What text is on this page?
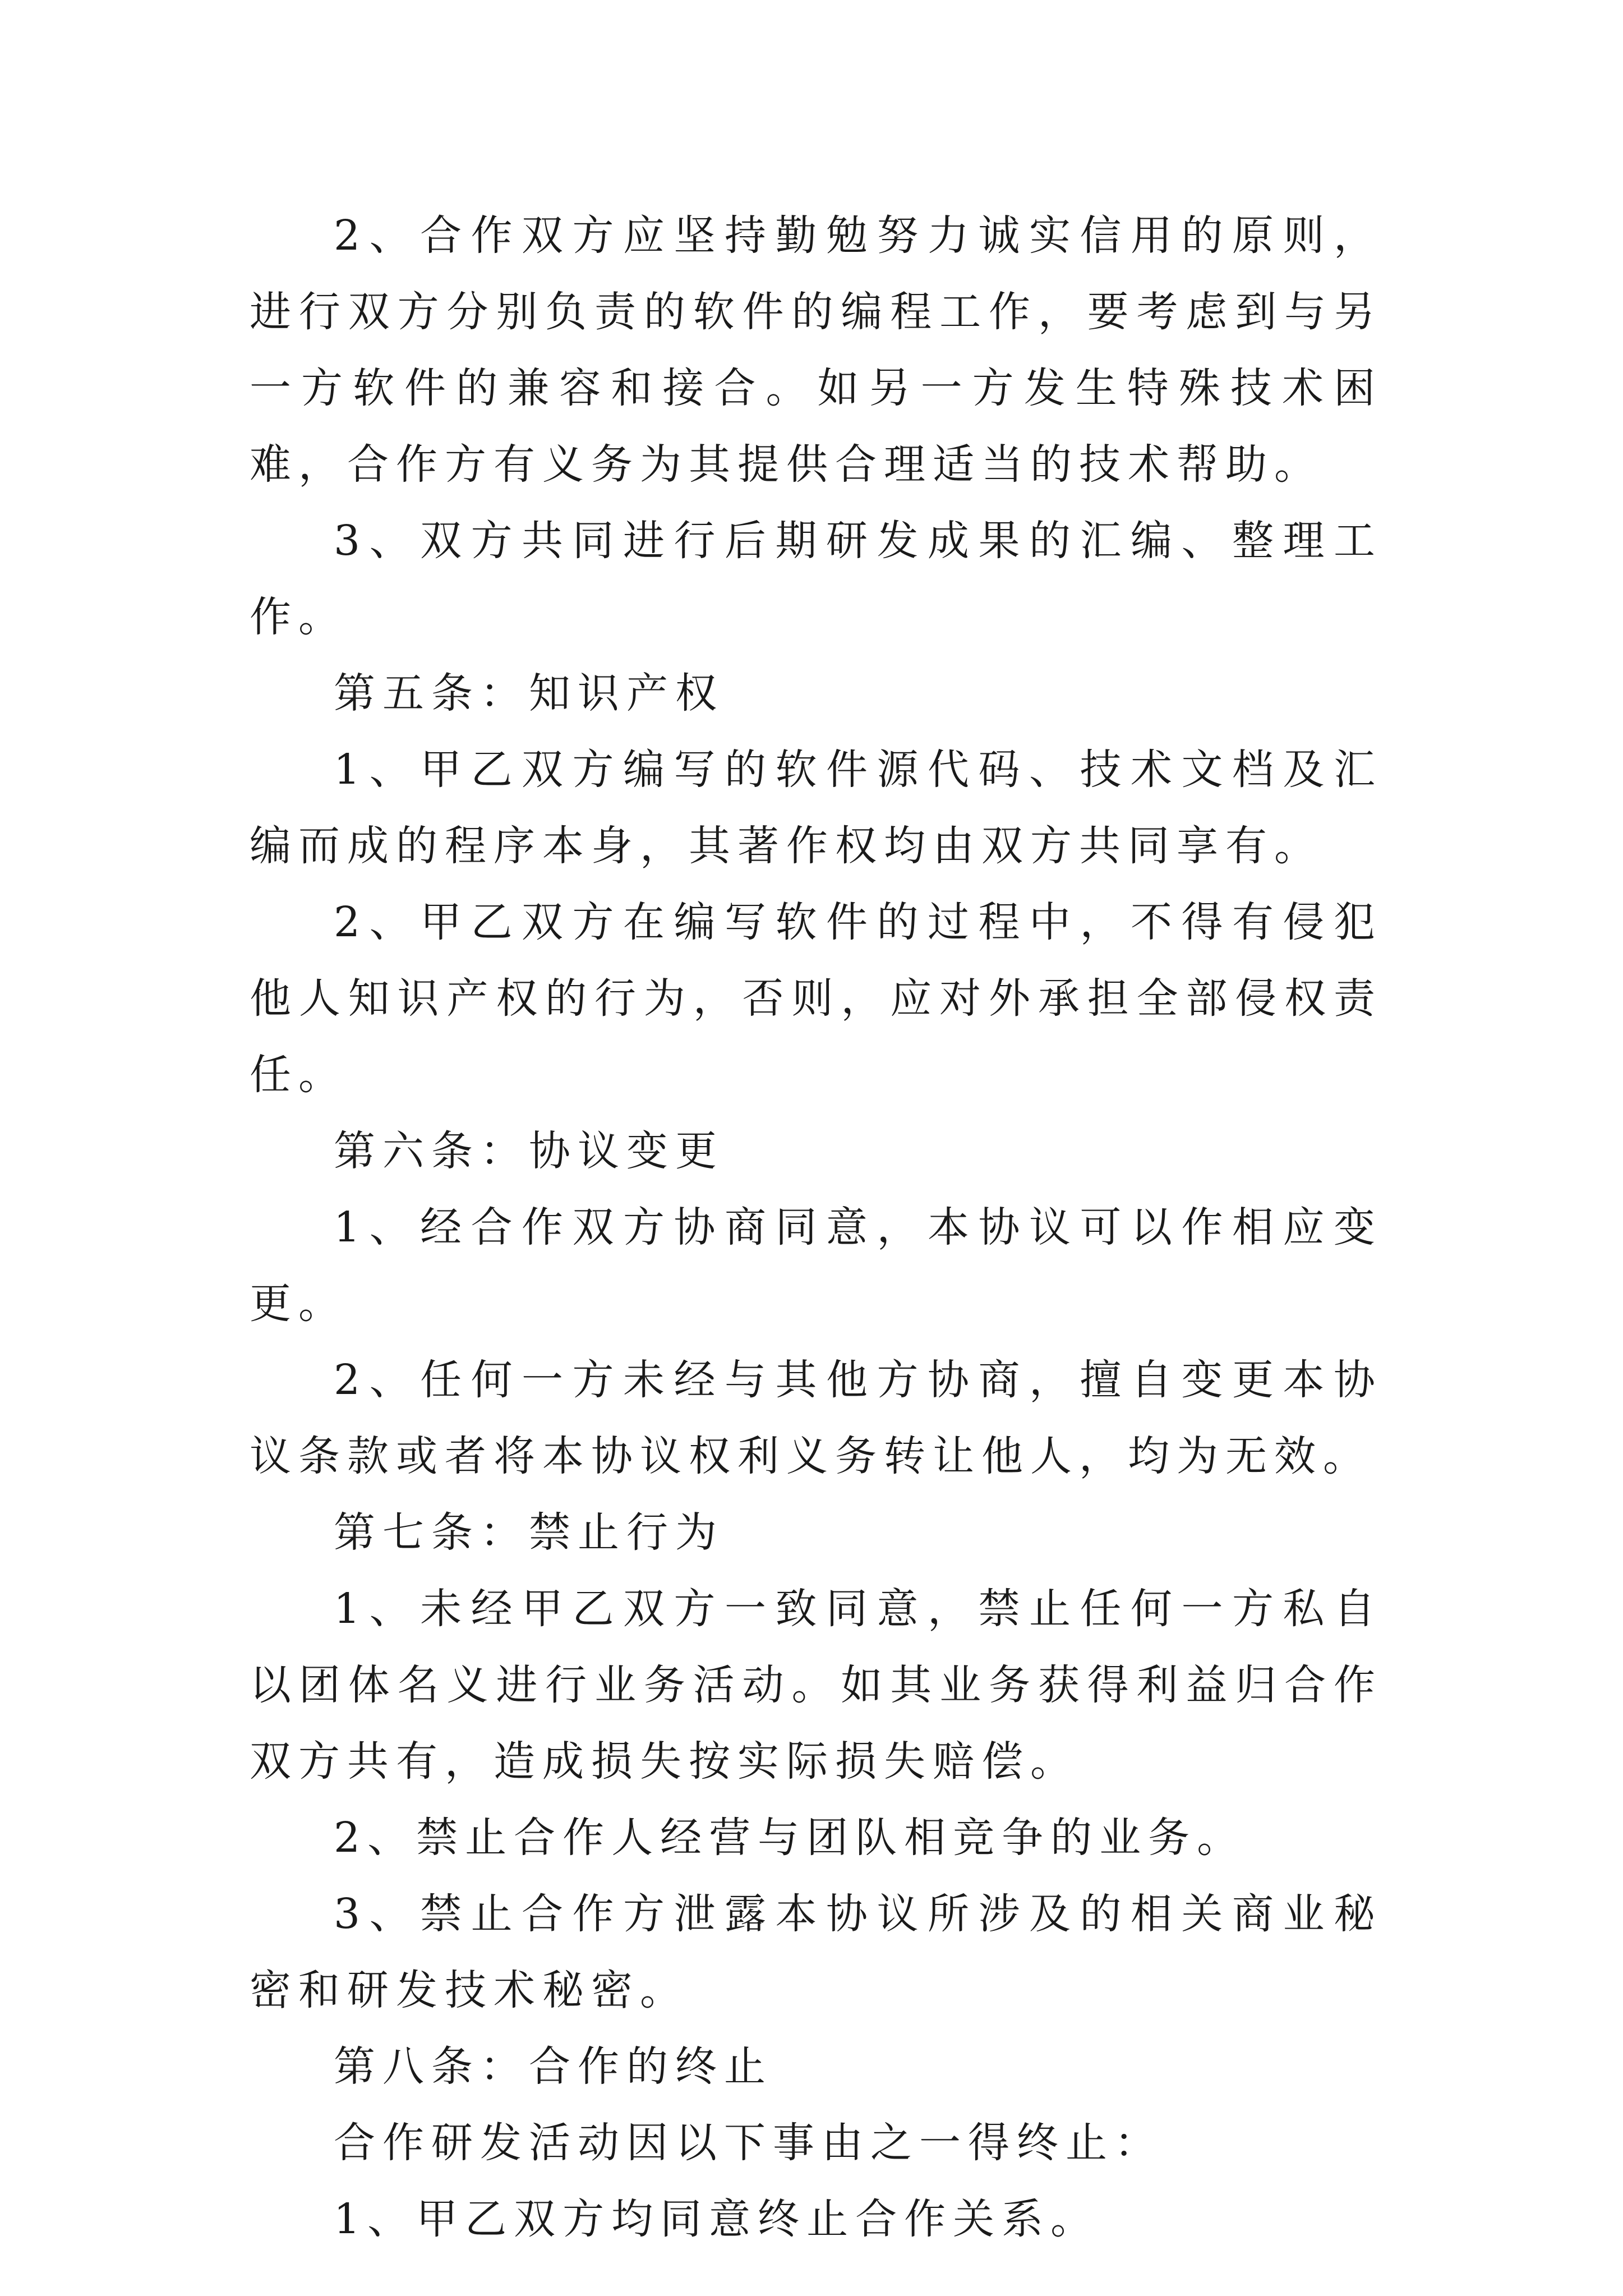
2、合作双方应坚持勤勉努力诚实信用的原则，进行双方分别负责的软件的编程工作，要考虑到与另一方软件的兼容和接合。如另一方发生特殊技术困难，合作方有义务为其提供合理适当的技术帮助。

3、双方共同进行后期研发成果的汇编、整理工作。

第五条：知识产权

1、甲乙双方编写的软件源代码、技术文档及汇编而成的程序本身，其著作权均由双方共同享有。

2、甲乙双方在编写软件的过程中，不得有侵犯他人知识产权的行为，否则，应对外承担全部侵权责任。

第六条：协议变更

1、经合作双方协商同意，本协议可以作相应变更。

2、任何一方未经与其他方协商，擅自变更本协议条款或者将本协议权利义务转让他人，均为无效。

第七条：禁止行为

1、未经甲乙双方一致同意，禁止任何一方私自以团体名义进行业务活动。如其业务获得利益归合作双方共有，造成损失按实际损失赔偿。

2、禁止合作人经营与团队相竞争的业务。

3、禁止合作方泄露本协议所涉及的相关商业秘密和研发技术秘密。

第八条：合作的终止

合作研发活动因以下事由之一得终止：

1、甲乙双方均同意终止合作关系。
